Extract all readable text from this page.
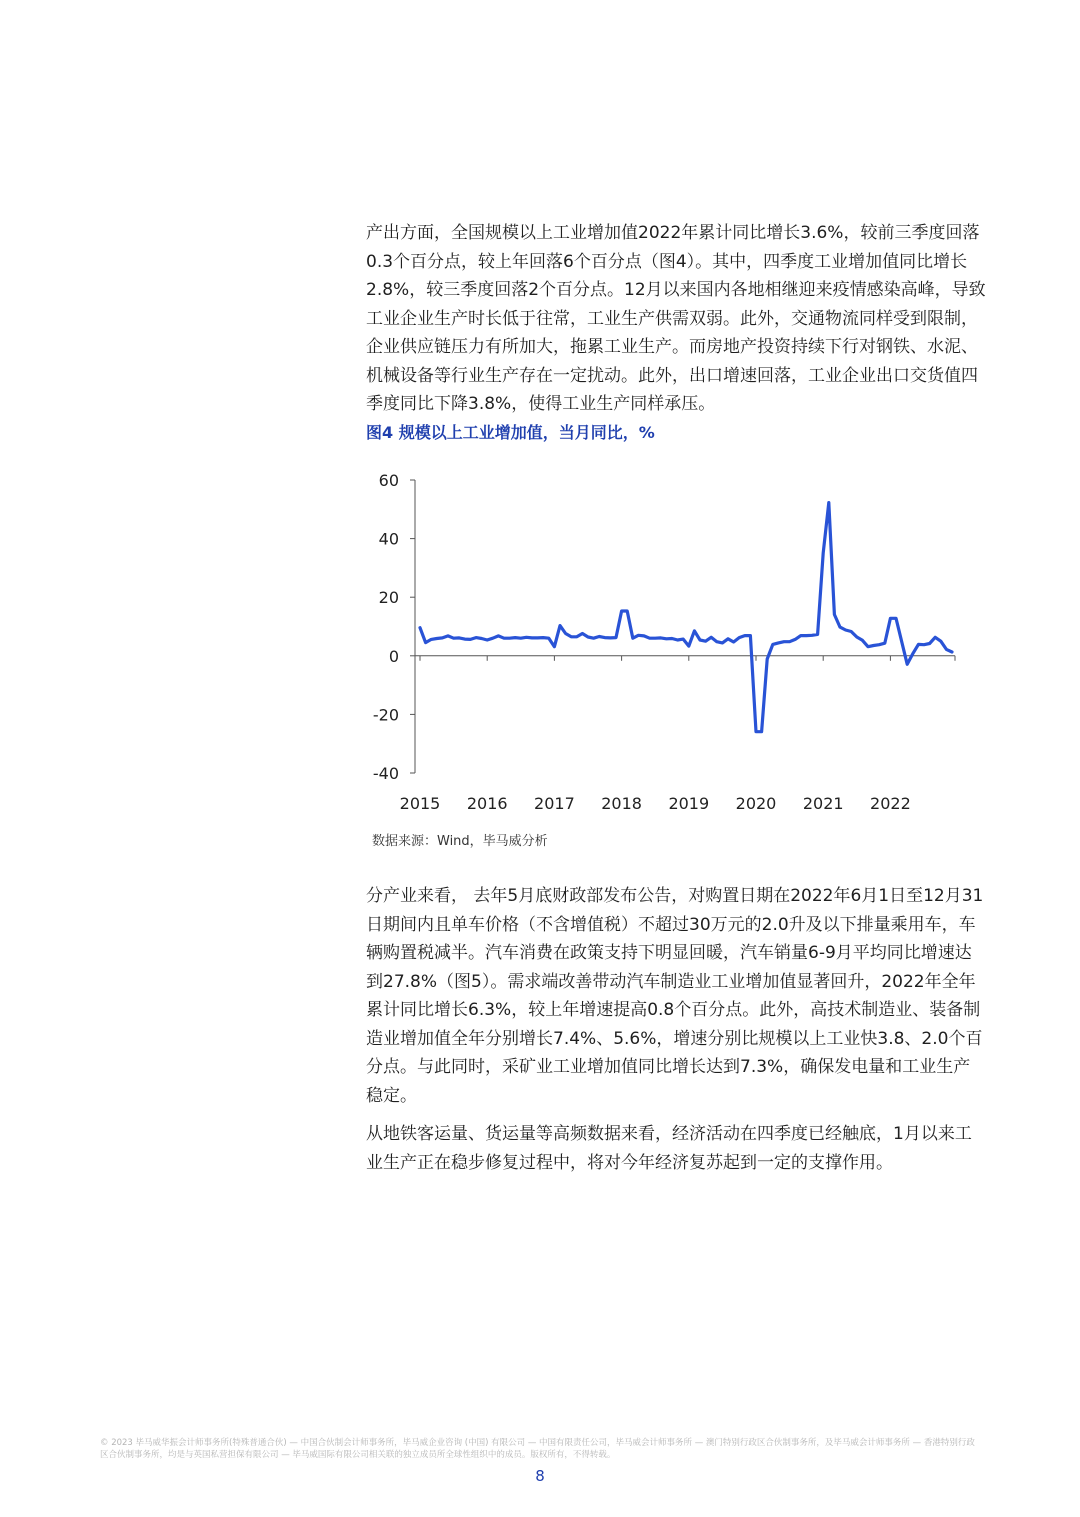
产出方面，全国规模以上工业增加值2022年累计同比增长3.6%，较前三季度回落0.3个百分点，较上年回落6个百分点（图4）。其中，四季度工业增加值同比增长2.8%，较三季度回落2个百分点。12月以来国内各地相继迎来疫情感染高峰，导致工业企业生产时长低于往常，工业生产供需双弱。此外，交通物流同样受到限制，企业供应链压力有所加大，拖累工业生产。而房地产投资持续下行对钢铁、水泥、机械设备等行业生产存在一定扰动。此外，出口增速回落，工业企业出口交货值四季度同比下降3.8%，使得工业生产同样承压。

图4 规模以上工业增加值，当月同比，%
-40
-20
0
20
40
60
2015 2016 2017 2018 2019 2020 2021 2022
数据来源：Wind，毕马威分析

分产业来看， 去年5月底财政部发布公告，对购置日期在2022年6月1日至12月31日期间内且单车价格（不含增值税）不超过30万元的2.0升及以下排量乘用车，车辆购置税减半。汽车消费在政策支持下明显回暖，汽车销量6-9月平均同比增速达到27.8%（图5）。需求端改善带动汽车制造业工业增加值显著回升，2022年全年累计同比增长6.3%，较上年增速提高0.8个百分点。此外，高技术制造业、装备制造业增加值全年分别增长7.4%、5.6%，增速分别比规模以上工业快3.8、2.0个百分点。与此同时，采矿业工业增加值同比增长达到7.3%，确保发电量和工业生产稳定。

从地铁客运量、货运量等高频数据来看，经济活动在四季度已经触底，1月以来工业生产正在稳步修复过程中，将对今年经济复苏起到一定的支撑作用。

© 2023 毕马威华振会计师事务所(特殊普通合伙) — 中国合伙制会计师事务所，毕马威企业咨询 (中国) 有限公司 — 中国有限责任公司，毕马威会计师事务所 — 澳门特别行政区合伙制事务所，及毕马威会计师事务所 — 香港特别行政区合伙制事务所，均是与英国私营担保有限公司 — 毕马威国际有限公司相关联的独立成员所全球性组织中的成员。版权所有，不得转载。

8
